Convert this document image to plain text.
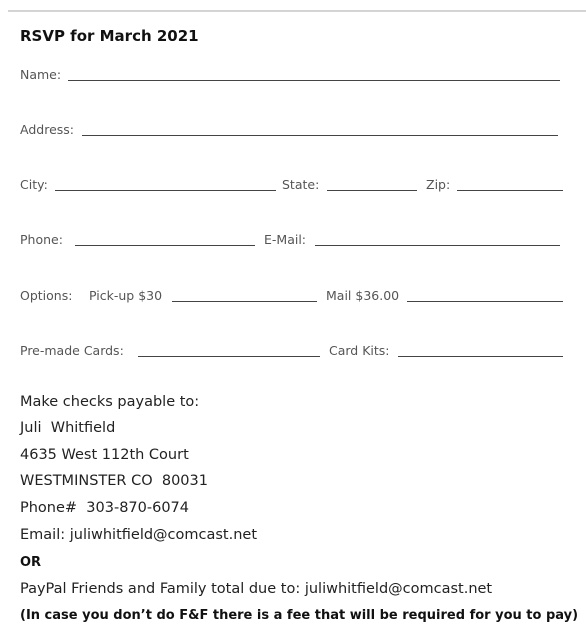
RSVP for March 2021
Name:
Address:
City:	State:	Zip:
Phone:	E-Mail:
Options: Pick-up $30	Mail $36.00
Pre-made Cards:	Card Kits:
Make checks payable to:
Juli  Whitfield
4635 West 112th Court
WESTMINSTER CO  80031
Phone#  303-870-6074
Email: juliwhitfield@comcast.net
OR
PayPal Friends and Family total due to: juliwhitfield@comcast.net
(In case you don’t do F&F there is a fee that will be required for you to pay)
